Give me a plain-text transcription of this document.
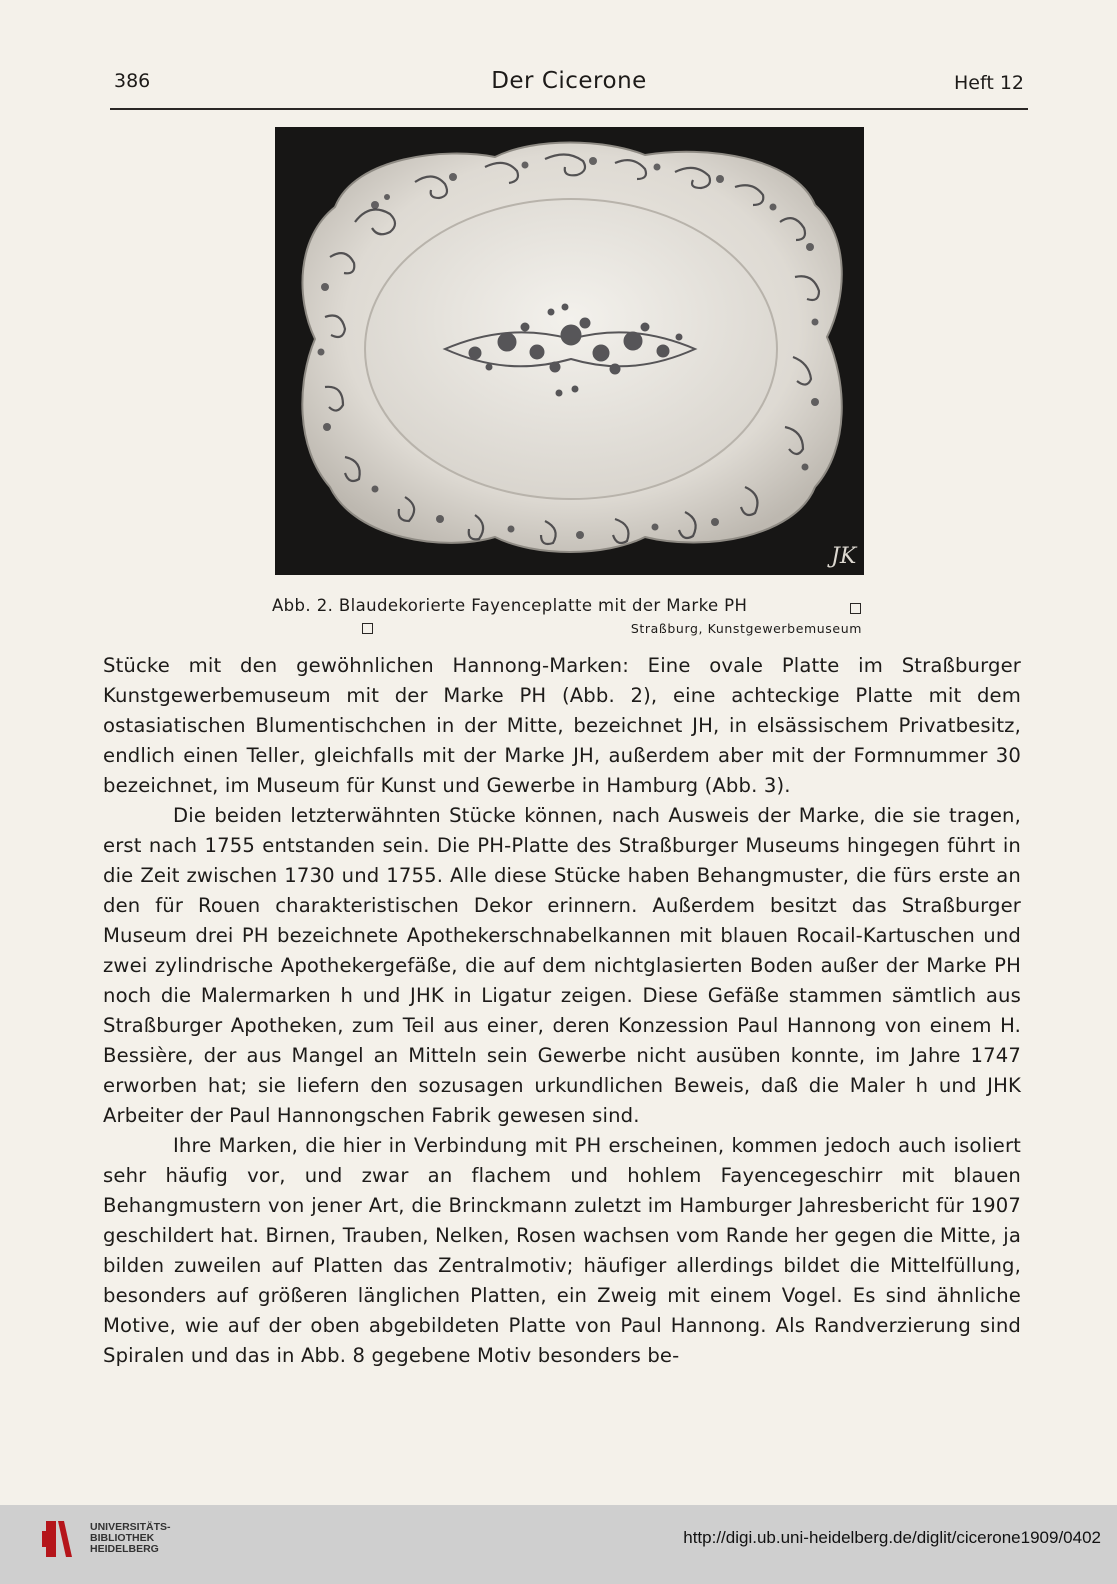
386	Der Cicerone	Heft 12
JK
Abb. 2. Blaudekorierte Fayenceplatte mit der Marke PH
Straßburg, Kunstgewerbemuseum

Stücke mit den gewöhnlichen Hannong-Marken: Eine ovale Platte im Straßburger Kunstgewerbemuseum mit der Marke PH (Abb. 2), eine achteckige Platte mit dem ostasiatischen Blumentischchen in der Mitte, bezeichnet JH, in elsässischem Privatbesitz, endlich einen Teller, gleichfalls mit der Marke JH, außerdem aber mit der Formnummer 30 bezeichnet, im Museum für Kunst und Gewerbe in Hamburg (Abb. 3).

Die beiden letzterwähnten Stücke können, nach Ausweis der Marke, die sie tragen, erst nach 1755 entstanden sein. Die PH-Platte des Straßburger Museums hingegen führt in die Zeit zwischen 1730 und 1755. Alle diese Stücke haben Behangmuster, die fürs erste an den für Rouen charakteristischen Dekor erinnern. Außerdem besitzt das Straßburger Museum drei PH bezeichnete Apothekerschnabelkannen mit blauen Rocail-Kartuschen und zwei zylindrische Apothekergefäße, die auf dem nichtglasierten Boden außer der Marke PH noch die Malermarken h und JHK in Ligatur zeigen. Diese Gefäße stammen sämtlich aus Straßburger Apotheken, zum Teil aus einer, deren Konzession Paul Hannong von einem H. Bessière, der aus Mangel an Mitteln sein Gewerbe nicht ausüben konnte, im Jahre 1747 erworben hat; sie liefern den sozusagen urkundlichen Beweis, daß die Maler h und JHK Arbeiter der Paul Hannongschen Fabrik gewesen sind.

Ihre Marken, die hier in Verbindung mit PH erscheinen, kommen jedoch auch isoliert sehr häufig vor, und zwar an flachem und hohlem Fayencegeschirr mit blauen Behangmustern von jener Art, die Brinckmann zuletzt im Hamburger Jahresbericht für 1907 geschildert hat. Birnen, Trauben, Nelken, Rosen wachsen vom Rande her gegen die Mitte, ja bilden zuweilen auf Platten das Zentralmotiv; häufiger allerdings bildet die Mittelfüllung, besonders auf größeren länglichen Platten, ein Zweig mit einem Vogel. Es sind ähnliche Motive, wie auf der oben abgebildeten Platte von Paul Hannong. Als Randverzierung sind Spiralen und das in Abb. 8 gegebene Motiv besonders be-

UNIVERSITÄTS-
BIBLIOTHEK
HEIDELBERG
http://digi.ub.uni-heidelberg.de/diglit/cicerone1909/0402
